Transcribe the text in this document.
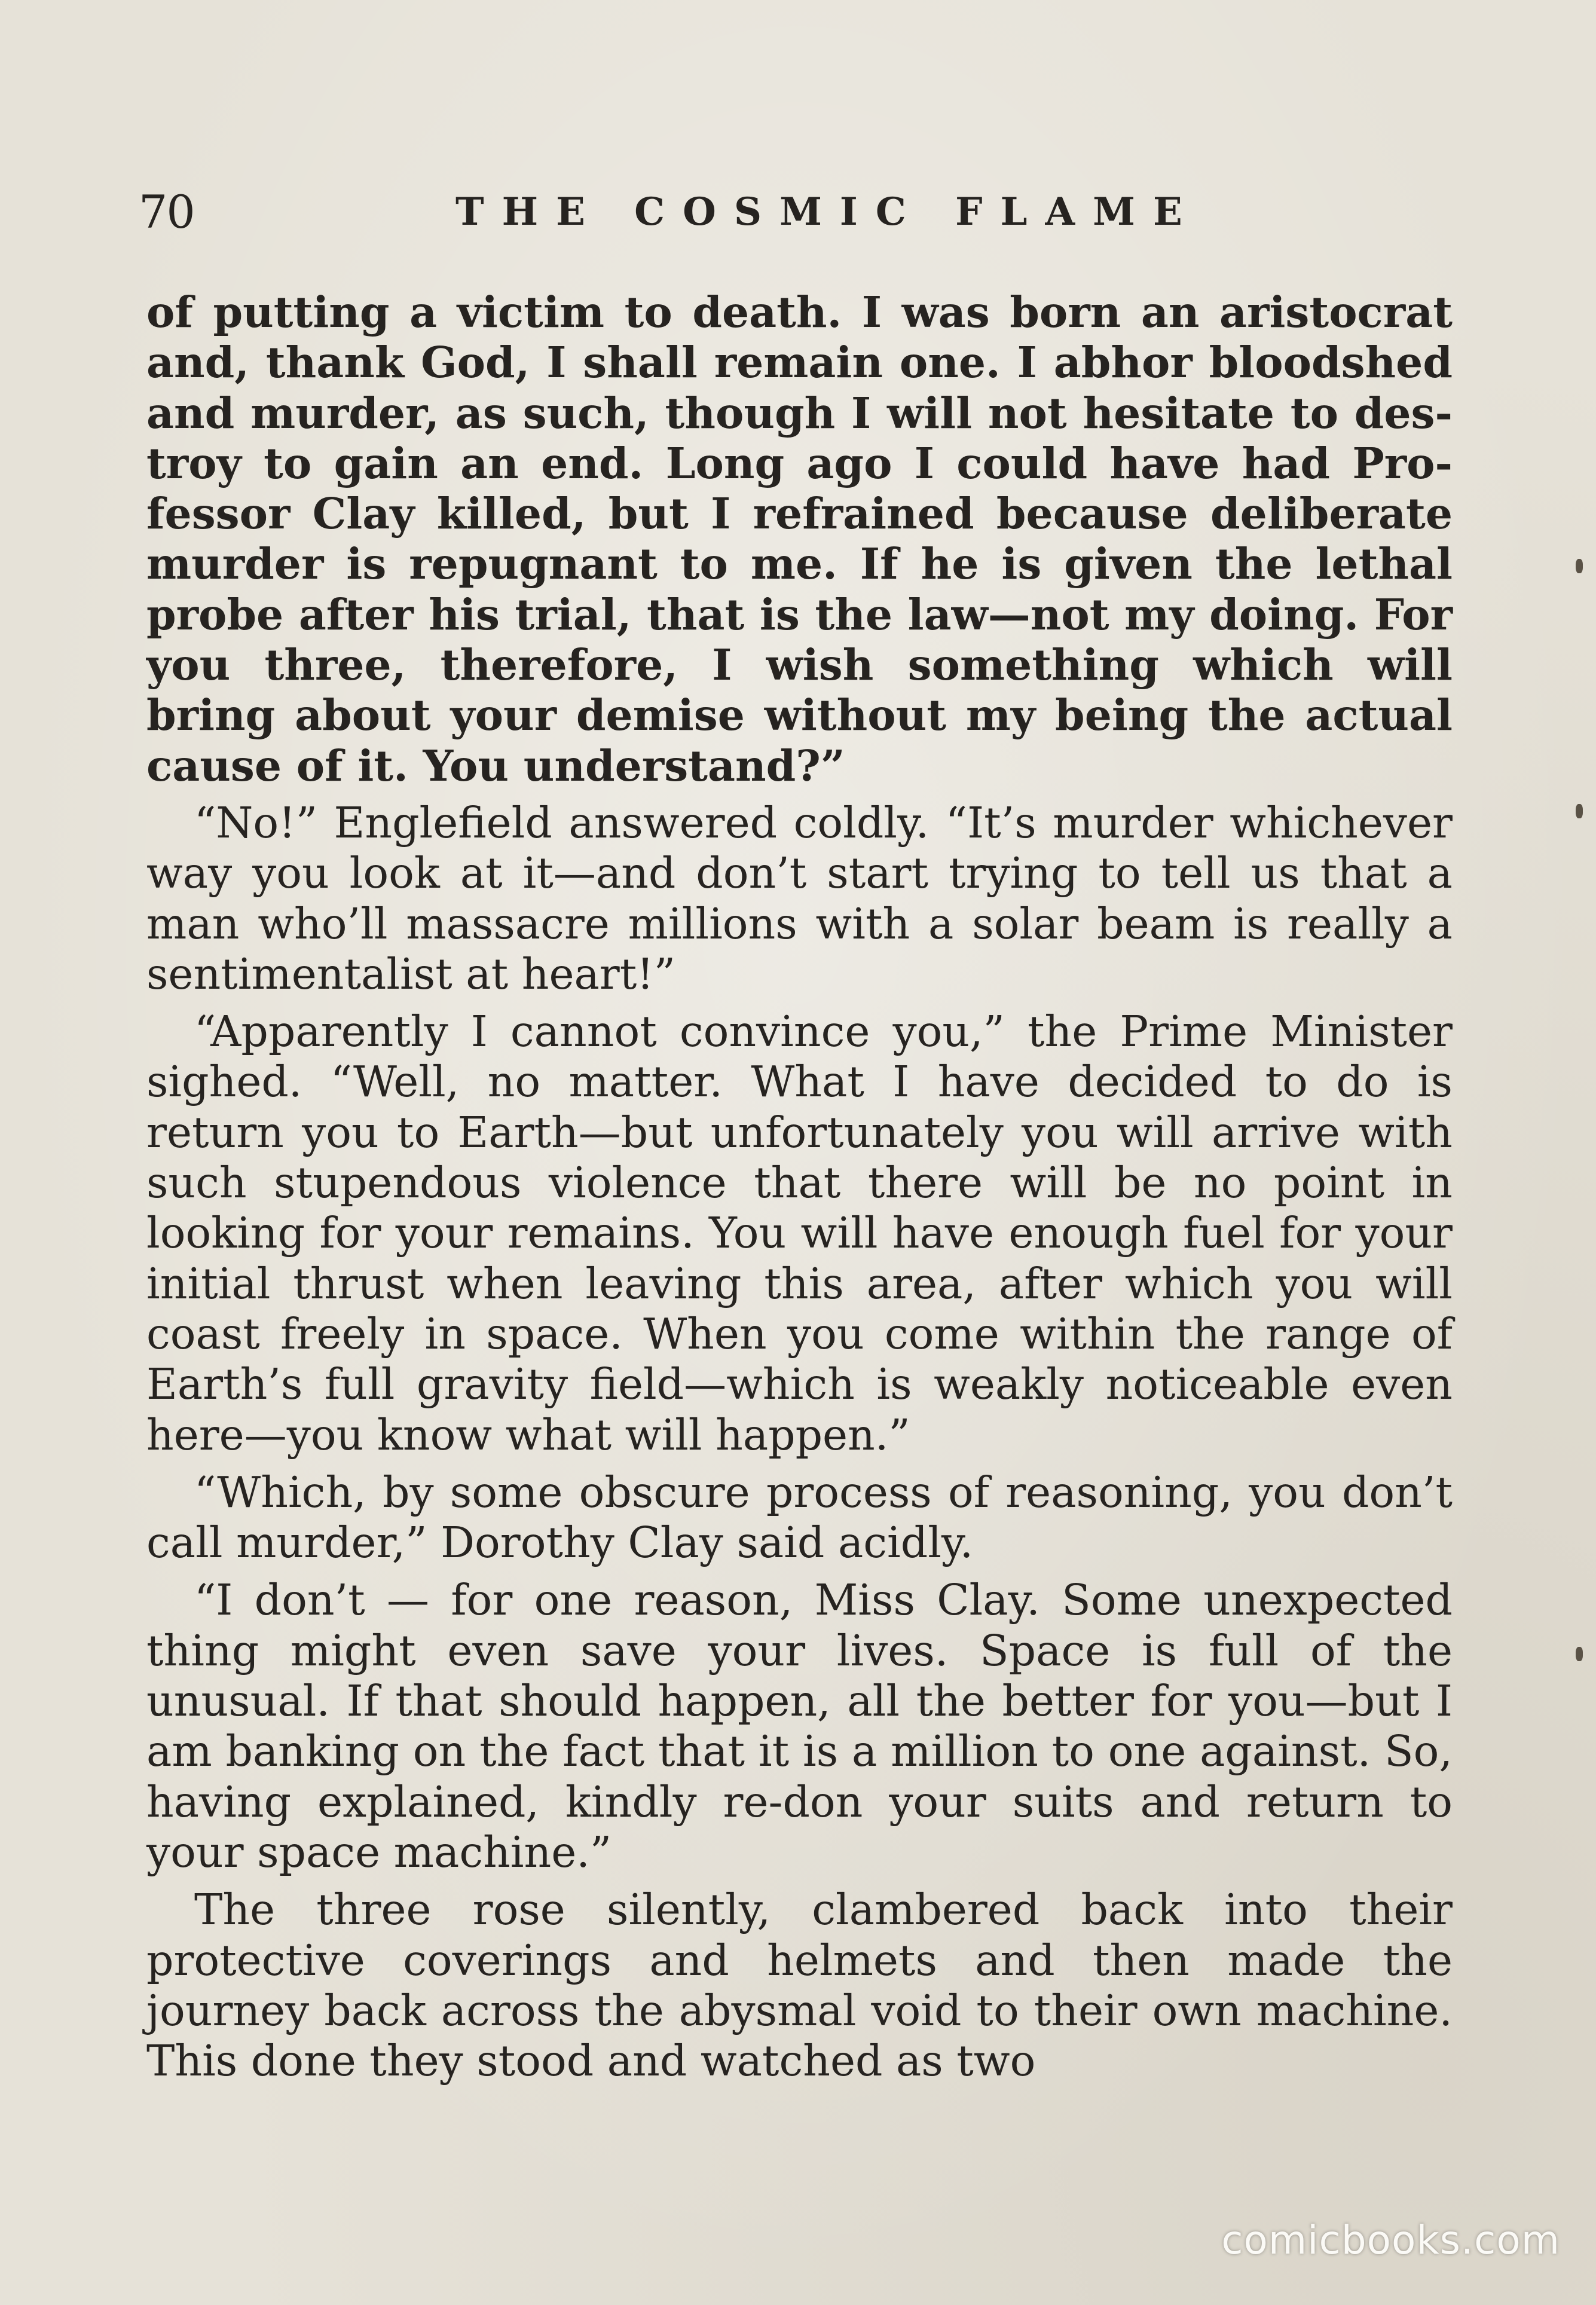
70	THE COSMIC FLAME

of putting a victim to death. I was born an aristocrat and, thank God, I shall remain one. I abhor bloodshed and murder, as such, though I will not hesitate to destroy to gain an end. Long ago I could have had Professor Clay killed, but I refrained because deliberate murder is repugnant to me. If he is given the lethal probe after his trial, that is the law—not my doing. For you three, therefore, I wish something which will bring about your demise without my being the actual cause of it. You understand?”

“No!” Englefield answered coldly. “It’s murder whichever way you look at it—and don’t start trying to tell us that a man who’ll massacre millions with a solar beam is really a sentimentalist at heart!”

“Apparently I cannot convince you,” the Prime Minister sighed. “Well, no matter. What I have decided to do is return you to Earth—but unfortunately you will arrive with such stupendous violence that there will be no point in looking for your remains. You will have enough fuel for your initial thrust when leaving this area, after which you will coast freely in space. When you come within the range of Earth’s full gravity field—which is weakly noticeable even here—you know what will happen.”

“Which, by some obscure process of reasoning, you don’t call murder,” Dorothy Clay said acidly.

“I don’t — for one reason, Miss Clay. Some unexpected thing might even save your lives. Space is full of the unusual. If that should happen, all the better for you—but I am banking on the fact that it is a million to one against. So, having explained, kindly re-don your suits and return to your space machine.”

The three rose silently, clambered back into their protective coverings and helmets and then made the journey back across the abysmal void to their own machine. This done they stood and watched as two

comicbooks.com
